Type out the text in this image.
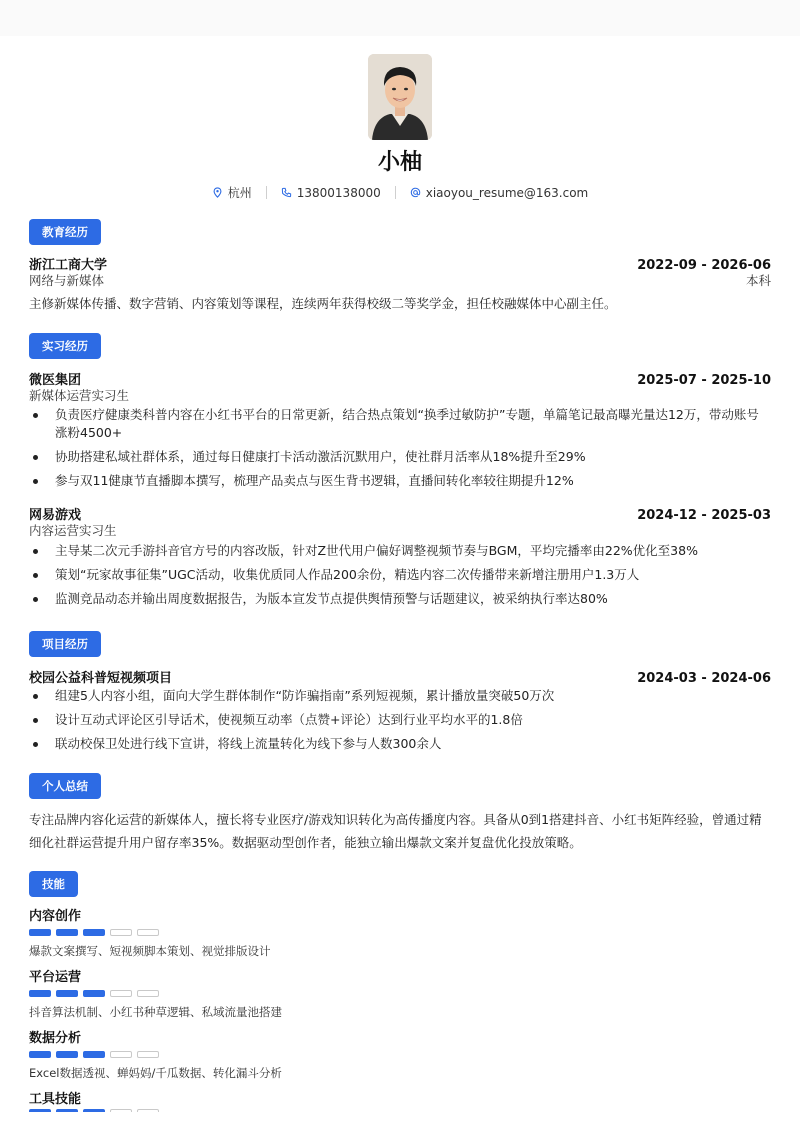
小柚
杭州	13800138000	xiaoyou_resume@163.com
教育经历
浙江工商大学	2022-09 - 2026-06
网络与新媒体	本科
主修新媒体传播、数字营销、内容策划等课程，连续两年获得校级二等奖学金，担任校融媒体中心副主任。
实习经历
微医集团	2025-07 - 2025-10
新媒体运营实习生
负责医疗健康类科普内容在小红书平台的日常更新，结合热点策划“换季过敏防护”专题，单篇笔记最高曝光量达12万，带动账号涨粉4500+
协助搭建私域社群体系，通过每日健康打卡活动激活沉默用户，使社群月活率从18%提升至29%
参与双11健康节直播脚本撰写，梳理产品卖点与医生背书逻辑，直播间转化率较往期提升12%
网易游戏	2024-12 - 2025-03
内容运营实习生
主导某二次元手游抖音官方号的内容改版，针对Z世代用户偏好调整视频节奏与BGM，平均完播率由22%优化至38%
策划“玩家故事征集”UGC活动，收集优质同人作品200余份，精选内容二次传播带来新增注册用户1.3万人
监测竞品动态并输出周度数据报告，为版本宣发节点提供舆情预警与话题建议，被采纳执行率达80%
项目经历
校园公益科普短视频项目	2024-03 - 2024-06
组建5人内容小组，面向大学生群体制作“防诈骗指南”系列短视频，累计播放量突破50万次
设计互动式评论区引导话术，使视频互动率（点赞+评论）达到行业平均水平的1.8倍
联动校保卫处进行线下宣讲，将线上流量转化为线下参与人数300余人
个人总结
专注品牌内容化运营的新媒体人，擅长将专业医疗/游戏知识转化为高传播度内容。具备从0到1搭建抖音、小红书矩阵经验，曾通过精细化社群运营提升用户留存率35%。数据驱动型创作者，能独立输出爆款文案并复盘优化投放策略。
技能
内容创作
爆款文案撰写、短视频脚本策划、视觉排版设计
平台运营
抖音算法机制、小红书种草逻辑、私域流量池搭建
数据分析
Excel数据透视、蝉妈妈/千瓜数据、转化漏斗分析
工具技能
